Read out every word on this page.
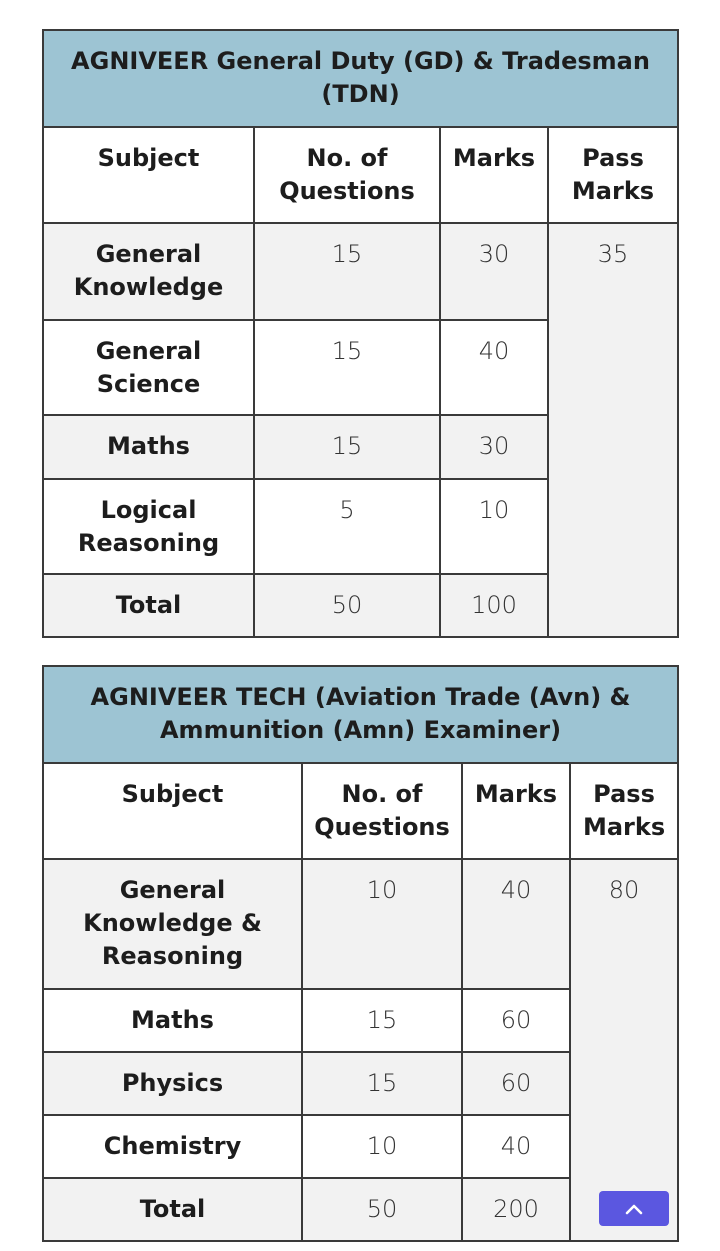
AGNIVEER General Duty (GD) & Tradesman (TDN)			
Subject	No. of Questions	Marks	Pass Marks
General Knowledge	15	30	35
General Science	15	40	
Maths	15	30	
Logical Reasoning	5	10	
Total	50	100	
AGNIVEER TECH (Aviation Trade (Avn) & Ammunition (Amn) Examiner)			
Subject	No. of Questions	Marks	Pass Marks
General Knowledge & Reasoning	10	40	80
Maths	15	60	
Physics	15	60	
Chemistry	10	40	
Total	50	200	
